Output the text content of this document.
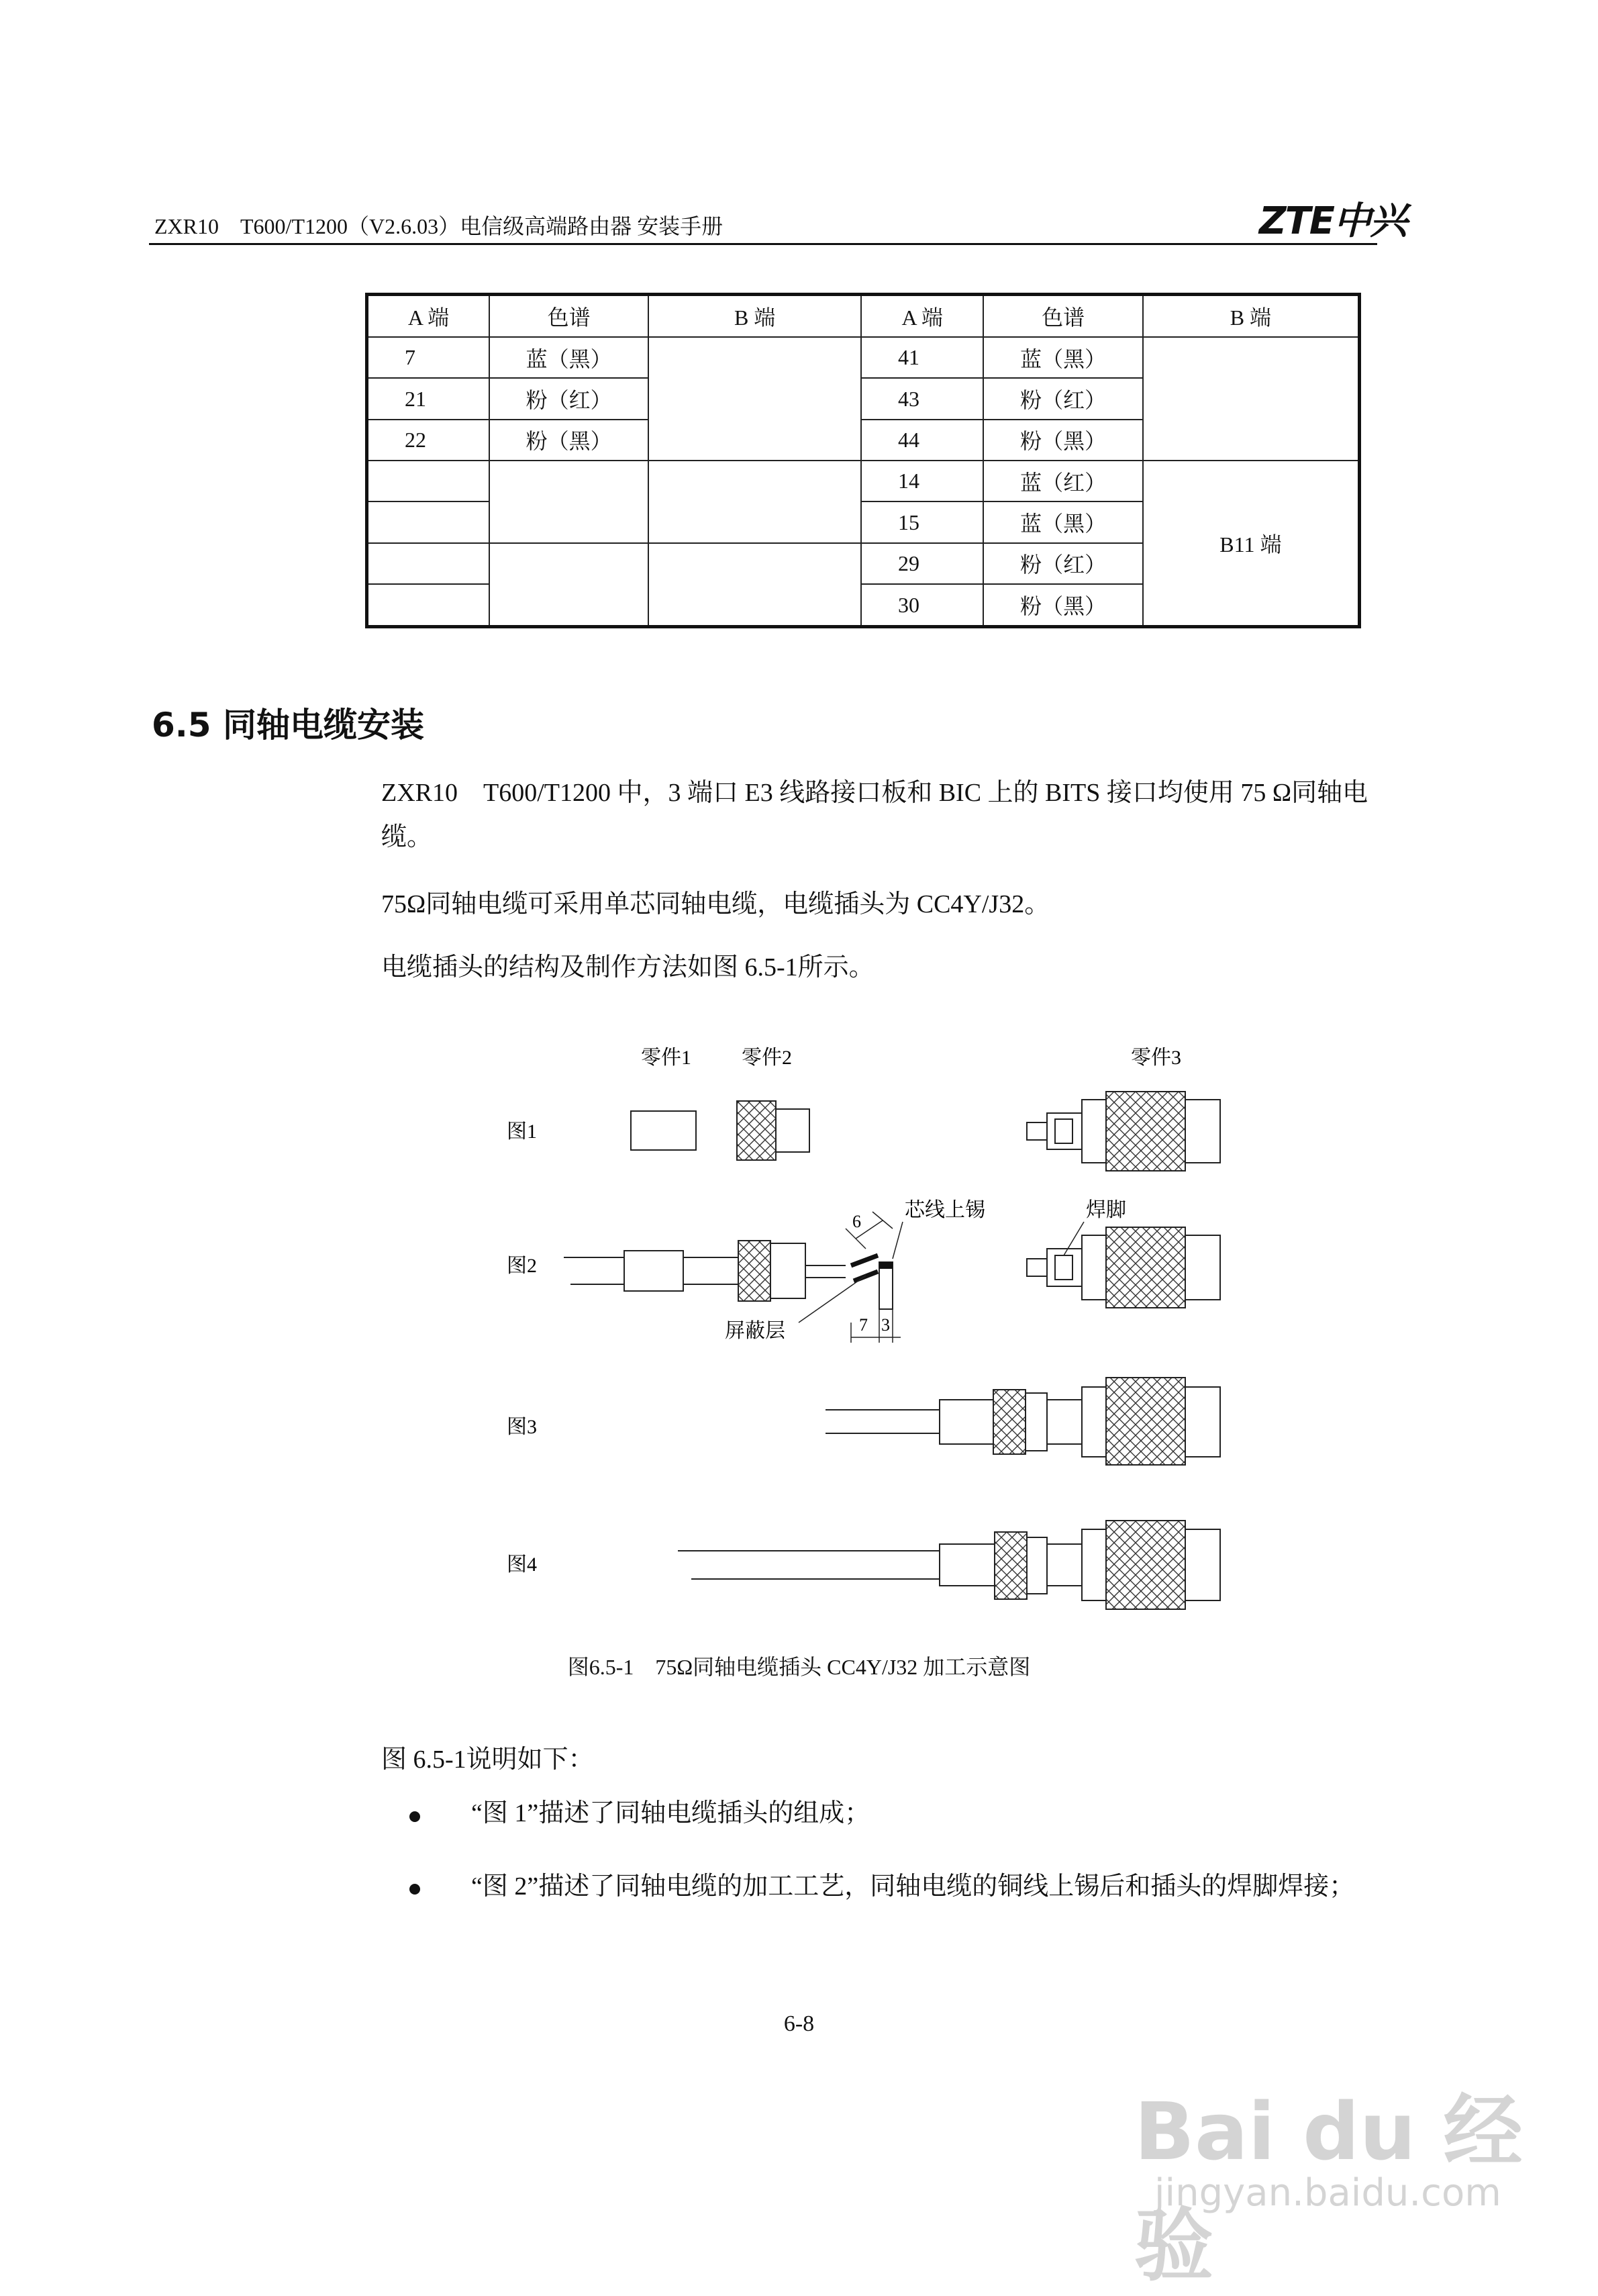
ZXR10　T600/T1200（V2.6.03）电信级高端路由器 安装手册	ZTE中兴
A 端	色谱	B 端	A 端	色谱	B 端
7	蓝（黑）		41	蓝（黑）	
21	粉（红）		43	粉（红）	
22	粉（黑）		44	粉（黑）	
			14	蓝（红）	B11 端
			15	蓝（黑）	
			29	粉（红）	
			30	粉（黑）	
6.5 同轴电缆安装
ZXR10　T600/T1200 中，3 端口 E3 线路接口板和 BIC 上的 BITS 接口均使用 75 Ω同轴电缆。
75Ω同轴电缆可采用单芯同轴电缆，电缆插头为 CC4Y/J32。
电缆插头的结构及制作方法如图 6.5-1所示。
零件1	零件2	零件3
图1
图2
图3
图4
6
芯线上锡
屏蔽层	7 3
焊脚
图6.5-1　75Ω同轴电缆插头 CC4Y/J32 加工示意图
图 6.5-1说明如下：
“图 1”描述了同轴电缆插头的组成；
“图 2”描述了同轴电缆的加工工艺，同轴电缆的铜线上锡后和插头的焊脚焊接；
6-8
Bai du 经验
jingyan.baidu.com
